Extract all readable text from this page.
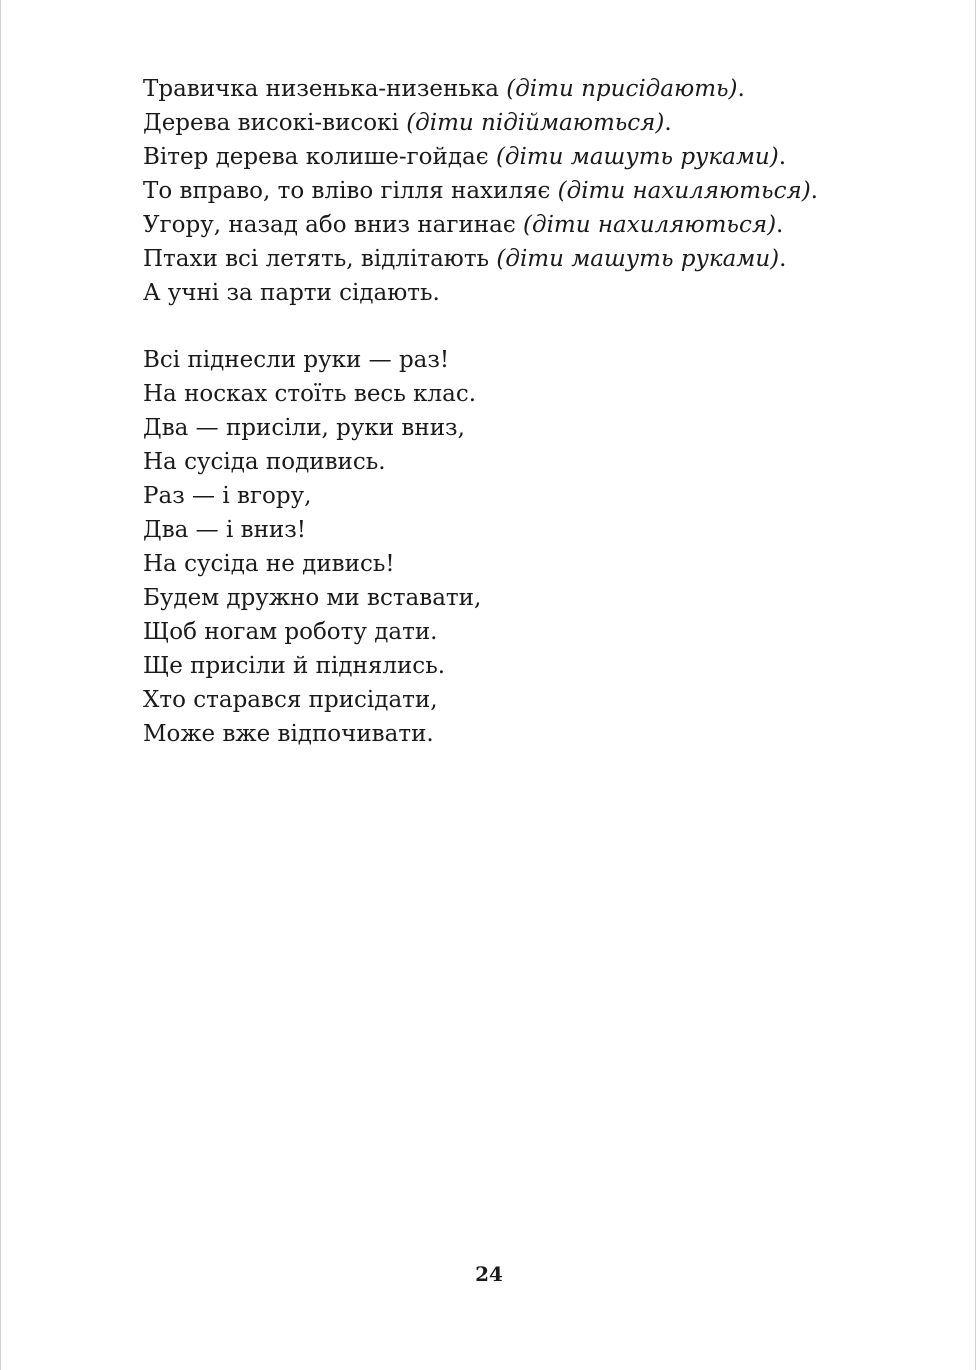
Травичка низенька-низенька (діти присідають).
Дерева високі-високі (діти підіймаються).
Вітер дерева колише-гойдає (діти машуть руками).
То вправо, то вліво гілля нахиляє (діти нахиляються).
Угору, назад або вниз нагинає (діти нахиляються).
Птахи всі летять, відлітають (діти машуть руками).
А учні за парти сідають.
Всі піднесли руки — раз!
На носках стоїть весь клас.
Два — присіли, руки вниз,
На сусіда подивись.
Раз — і вгору,
Два — і вниз!
На сусіда не дивись!
Будем дружно ми вставати,
Щоб ногам роботу дати.
Ще присіли й піднялись.
Хто старався присідати,
Може вже відпочивати.
24
